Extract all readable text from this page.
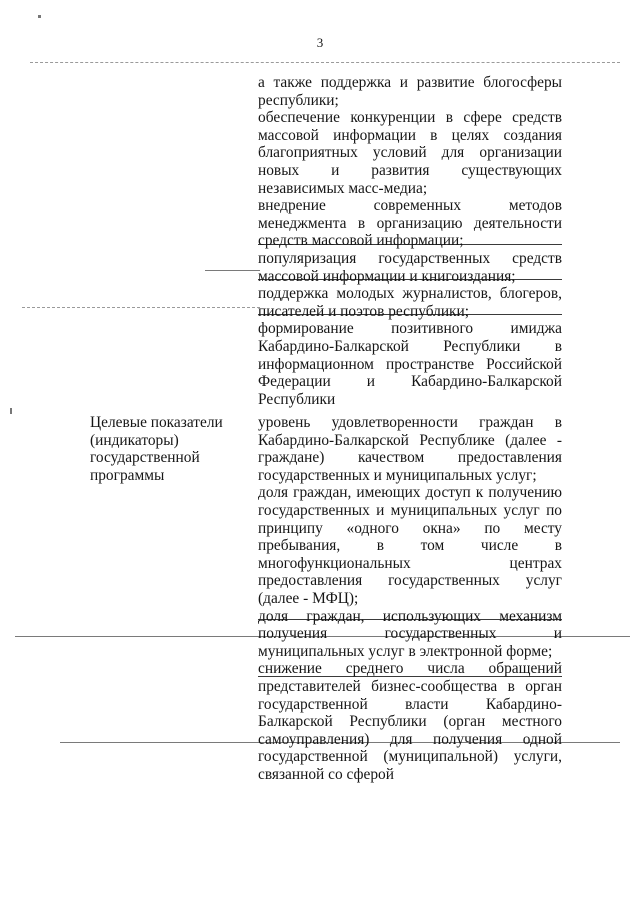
3

а также поддержка и развитие блогосферы республики;

обеспечение конкуренции в сфере средств массовой информации в целях создания благоприятных условий для организации новых и развития существующих независимых масс-медиа;

внедрение современных методов менеджмента в организацию деятельности средств массовой информации;

популяризация государственных средств массовой информации и книгоиздания;

поддержка молодых журналистов, блогеров, писателей и поэтов республики;

формирование позитивного имиджа Кабардино-Балкарской Республики в информационном пространстве Российской Федерации и Кабардино-Балкарской Республики

Целевые показатели (индикаторы) государственной программы

уровень удовлетворенности граждан в Кабардино-Балкарской Республике (далее - граждане) качеством предоставления государственных и муниципальных услуг;

доля граждан, имеющих доступ к получению государственных и муниципальных услуг по принципу «одного окна» по месту пребывания, в том числе в многофункциональных центрах предоставления государственных услуг (далее - МФЦ);

доля граждан, использующих механизм получения государственных и муниципальных услуг в электронной форме;

снижение среднего числа обращений представителей бизнес-сообщества в орган государственной власти Кабардино-Балкарской Республики (орган местного самоуправления) для получения одной государственной (муниципальной) услуги, связанной со сферой
